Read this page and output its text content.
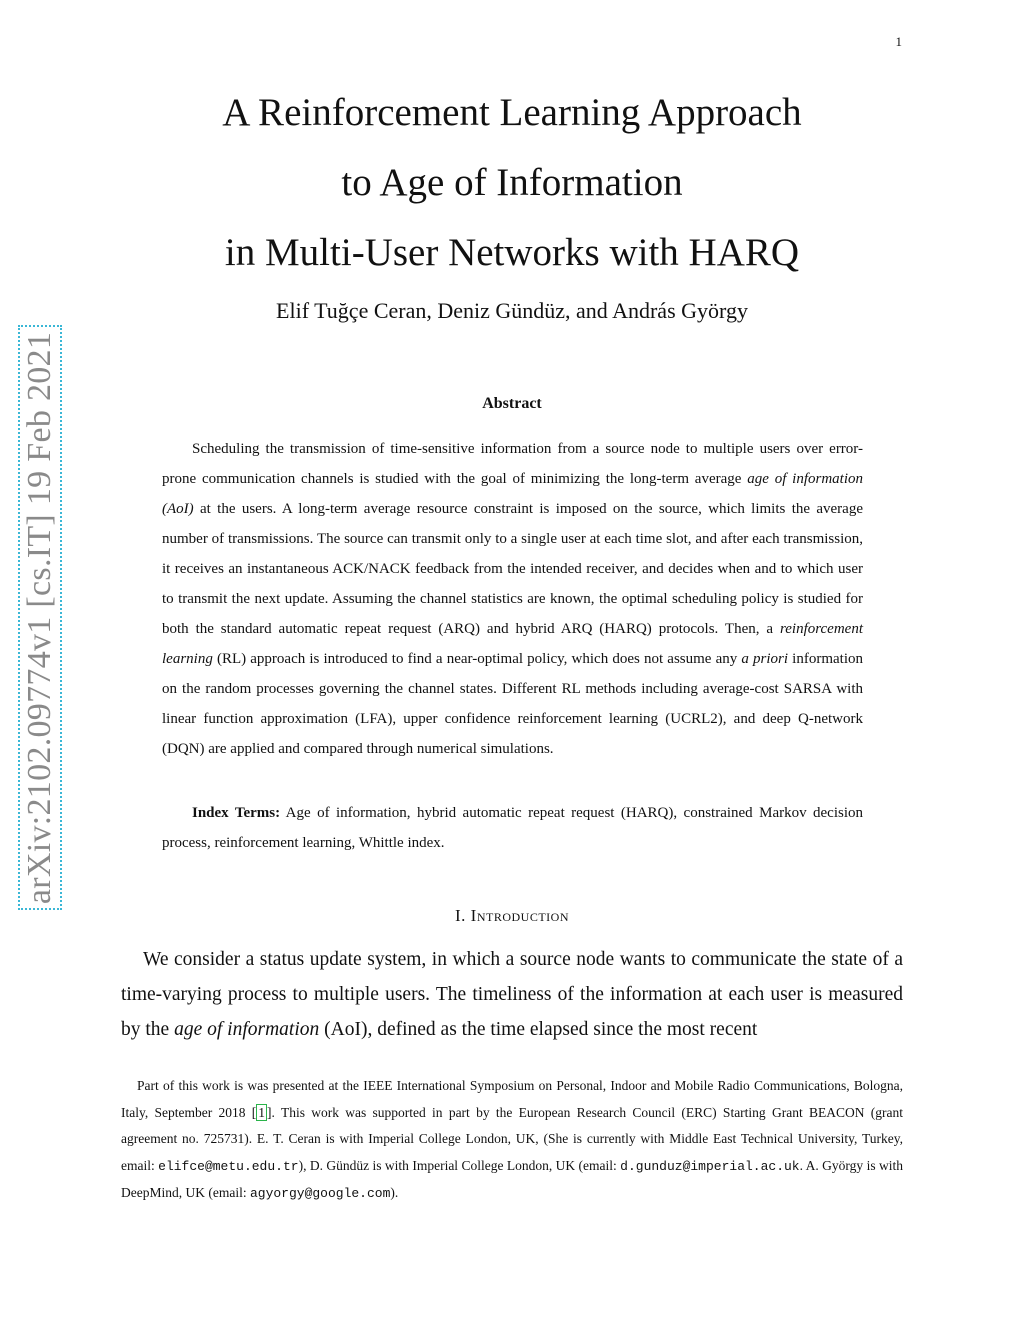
1
arXiv:2102.09774v1 [cs.IT] 19 Feb 2021
A Reinforcement Learning Approach
to Age of Information
in Multi-User Networks with HARQ
Elif Tuğçe Ceran, Deniz Gündüz, and András György
Abstract

Scheduling the transmission of time-sensitive information from a source node to multiple users over error-prone communication channels is studied with the goal of minimizing the long-term average age of information (AoI) at the users. A long-term average resource constraint is imposed on the source, which limits the average number of transmissions. The source can transmit only to a single user at each time slot, and after each transmission, it receives an instantaneous ACK/NACK feedback from the intended receiver, and decides when and to which user to transmit the next update. Assuming the channel statistics are known, the optimal scheduling policy is studied for both the standard automatic repeat request (ARQ) and hybrid ARQ (HARQ) protocols. Then, a reinforcement learning (RL) approach is introduced to find a near-optimal policy, which does not assume any a priori information on the random processes governing the channel states. Different RL methods including average-cost SARSA with linear function approximation (LFA), upper confidence reinforcement learning (UCRL2), and deep Q-network (DQN) are applied and compared through numerical simulations.

Index Terms: Age of information, hybrid automatic repeat request (HARQ), constrained Markov decision process, reinforcement learning, Whittle index.

I. Introduction

We consider a status update system, in which a source node wants to communicate the state of a time-varying process to multiple users. The timeliness of the information at each user is measured by the age of information (AoI), defined as the time elapsed since the most recent

Part of this work is was presented at the IEEE International Symposium on Personal, Indoor and Mobile Radio Communications, Bologna, Italy, September 2018 [ 1 ]. This work was supported in part by the European Research Council (ERC) Starting Grant BEACON (grant agreement no. 725731). E. T. Ceran is with Imperial College London, UK, (She is currently with Middle East Technical University, Turkey, email: elifce@metu.edu.tr), D. Gündüz is with Imperial College London, UK (email: d.gunduz@imperial.ac.uk. A. György is with DeepMind, UK (email: agyorgy@google.com).
